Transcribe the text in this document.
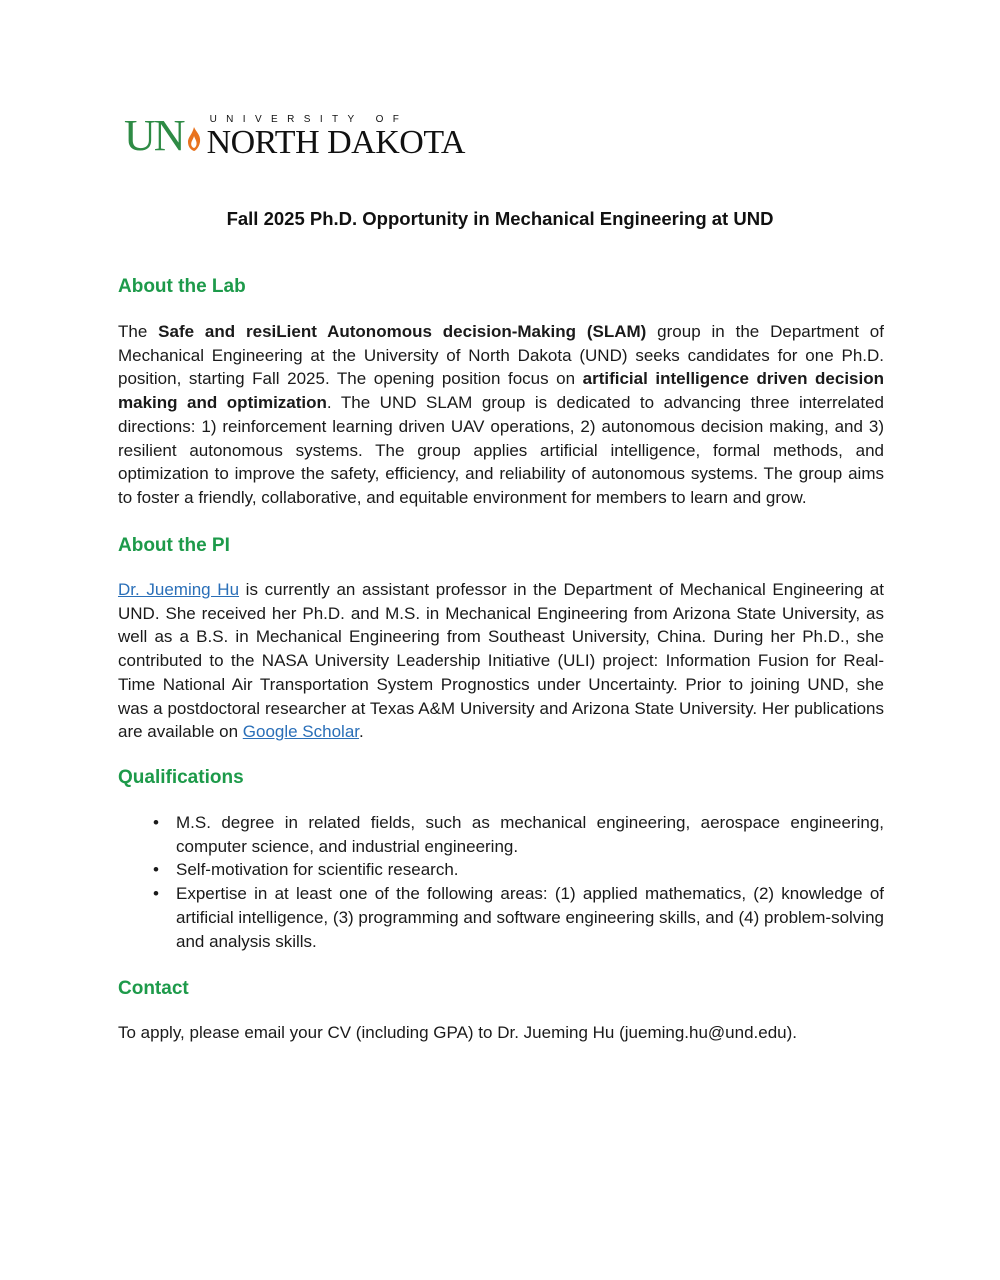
U N	UNIVERSITY OF
NORTH DAKOTA
Fall 2025 Ph.D. Opportunity in Mechanical Engineering at UND
About the Lab

The Safe and resiLient Autonomous decision-Making (SLAM) group in the Department of Mechanical Engineering at the University of North Dakota (UND) seeks candidates for one Ph.D. position, starting Fall 2025. The opening position focus on artificial intelligence driven decision making and optimization. The UND SLAM group is dedicated to advancing three interrelated directions: 1) reinforcement learning driven UAV operations, 2) autonomous decision making, and 3) resilient autonomous systems. The group applies artificial intelligence, formal methods, and optimization to improve the safety, efficiency, and reliability of autonomous systems. The group aims to foster a friendly, collaborative, and equitable environment for members to learn and grow.

About the PI

Dr. Jueming Hu is currently an assistant professor in the Department of Mechanical Engineering at UND. She received her Ph.D. and M.S. in Mechanical Engineering from Arizona State University, as well as a B.S. in Mechanical Engineering from Southeast University, China. During her Ph.D., she contributed to the NASA University Leadership Initiative (ULI) project: Information Fusion for Real-Time National Air Transportation System Prognostics under Uncertainty. Prior to joining UND, she was a postdoctoral researcher at Texas A&M University and Arizona State University. Her publications are available on Google Scholar.

Qualifications
• M.S. degree in related fields, such as mechanical engineering, aerospace engineering, computer science, and industrial engineering.
• Self-motivation for scientific research.
• Expertise in at least one of the following areas: (1) applied mathematics, (2) knowledge of artificial intelligence, (3) programming and software engineering skills, and (4) problem-solving and analysis skills.
Contact

To apply, please email your CV (including GPA) to Dr. Jueming Hu (jueming.hu@und.edu).
